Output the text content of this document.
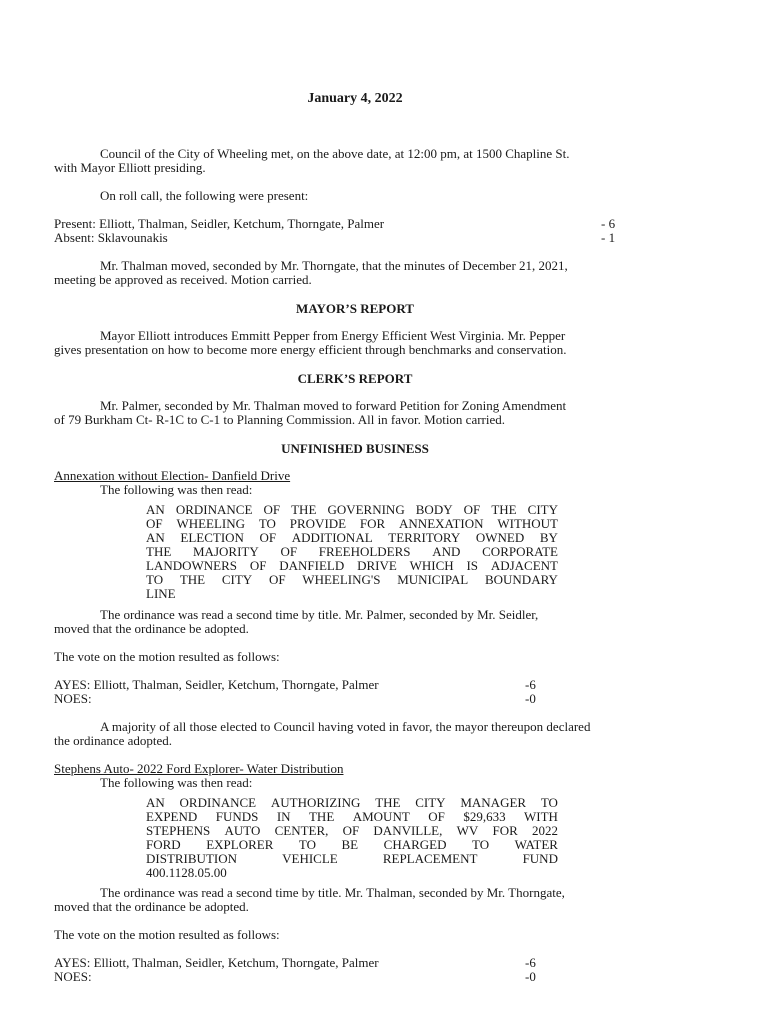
January 4, 2022
Council of the City of Wheeling met, on the above date, at 12:00 pm, at 1500 Chapline St.
with Mayor Elliott presiding.
On roll call, the following were present:
Present: Elliott, Thalman, Seidler, Ketchum, Thorngate, Palmer	- 6
Absent: Sklavounakis	- 1
Mr. Thalman moved, seconded by Mr. Thorngate, that the minutes of December 21, 2021,
meeting be approved as received. Motion carried.
MAYOR’S REPORT
Mayor Elliott introduces Emmitt Pepper from Energy Efficient West Virginia. Mr. Pepper
gives presentation on how to become more energy efficient through benchmarks and conservation.
CLERK’S REPORT
Mr. Palmer, seconded by Mr. Thalman moved to forward Petition for Zoning Amendment
of 79 Burkham Ct- R-1C to C-1 to Planning Commission. All in favor. Motion carried.
UNFINISHED BUSINESS
Annexation without Election- Danfield Drive
The following was then read:
AN ORDINANCE OF THE GOVERNING BODY OF THE CITY
OF WHEELING TO PROVIDE FOR ANNEXATION WITHOUT
AN ELECTION OF ADDITIONAL TERRITORY OWNED BY
THE MAJORITY OF FREEHOLDERS AND CORPORATE
LANDOWNERS OF DANFIELD DRIVE WHICH IS ADJACENT
TO THE CITY OF WHEELING'S MUNICIPAL BOUNDARY
LINE
The ordinance was read a second time by title. Mr. Palmer, seconded by Mr. Seidler,
moved that the ordinance be adopted.
The vote on the motion resulted as follows:
AYES: Elliott, Thalman, Seidler, Ketchum, Thorngate, Palmer	-6
NOES:	-0
A majority of all those elected to Council having voted in favor, the mayor thereupon declared
the ordinance adopted.
Stephens Auto- 2022 Ford Explorer- Water Distribution
The following was then read:
AN ORDINANCE AUTHORIZING THE CITY MANAGER TO
EXPEND FUNDS IN THE AMOUNT OF $29,633 WITH
STEPHENS AUTO CENTER, OF DANVILLE, WV FOR 2022
FORD EXPLORER TO BE CHARGED TO WATER
DISTRIBUTION	VEHICLE	REPLACEMENT	FUND
400.1128.05.00
The ordinance was read a second time by title. Mr. Thalman, seconded by Mr. Thorngate,
moved that the ordinance be adopted.
The vote on the motion resulted as follows:
AYES: Elliott, Thalman, Seidler, Ketchum, Thorngate, Palmer	-6
NOES:	-0
